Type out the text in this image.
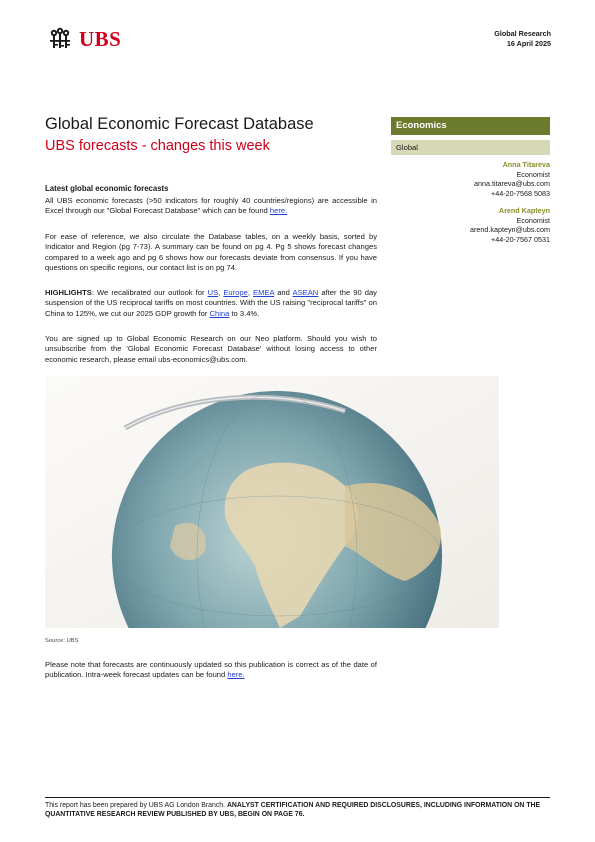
UBS	Global Research
16 April 2025
Global Economic Forecast Database
UBS forecasts - changes this week
Economics
Global
Anna Titareva
Economist
anna.titareva@ubs.com
+44-20-7568 5083
Arend Kapteyn
Economist
arend.kapteyn@ubs.com
+44-20-7567 0531
Latest global economic forecasts
All UBS economic forecasts (>50 indicators for roughly 40 countries/regions) are accessible in Excel through our "Global Forecast Database" which can be found here.
For ease of reference, we also circulate the Database tables, on a weekly basis, sorted by Indicator and Region (pg 7-73). A summary can be found on pg 4. Pg 5 shows forecast changes compared to a week ago and pg 6 shows how our forecasts deviate from consensus. If you have questions on specific regions, our contact list is on pg 74.
HIGHLIGHTS: We recalibrated our outlook for US, Europe, EMEA and ASEAN after the 90 day suspension of the US reciprocal tariffs on most countries. With the US raising "reciprocal tariffs" on China to 125%, we cut our 2025 GDP growth for China to 3.4%.
You are signed up to Global Economic Research on our Neo platform. Should you wish to unsubscribe from the 'Global Economic Forecast Database' without losing access to other economic research, please email ubs-economics@ubs.com.
Source: UBS
Please note that forecasts are continuously updated so this publication is correct as of the date of publication. Intra-week forecast updates can be found here.
This report has been prepared by UBS AG London Branch. ANALYST CERTIFICATION AND REQUIRED DISCLOSURES, INCLUDING INFORMATION ON THE QUANTITATIVE RESEARCH REVIEW PUBLISHED BY UBS, BEGIN ON PAGE 76.
